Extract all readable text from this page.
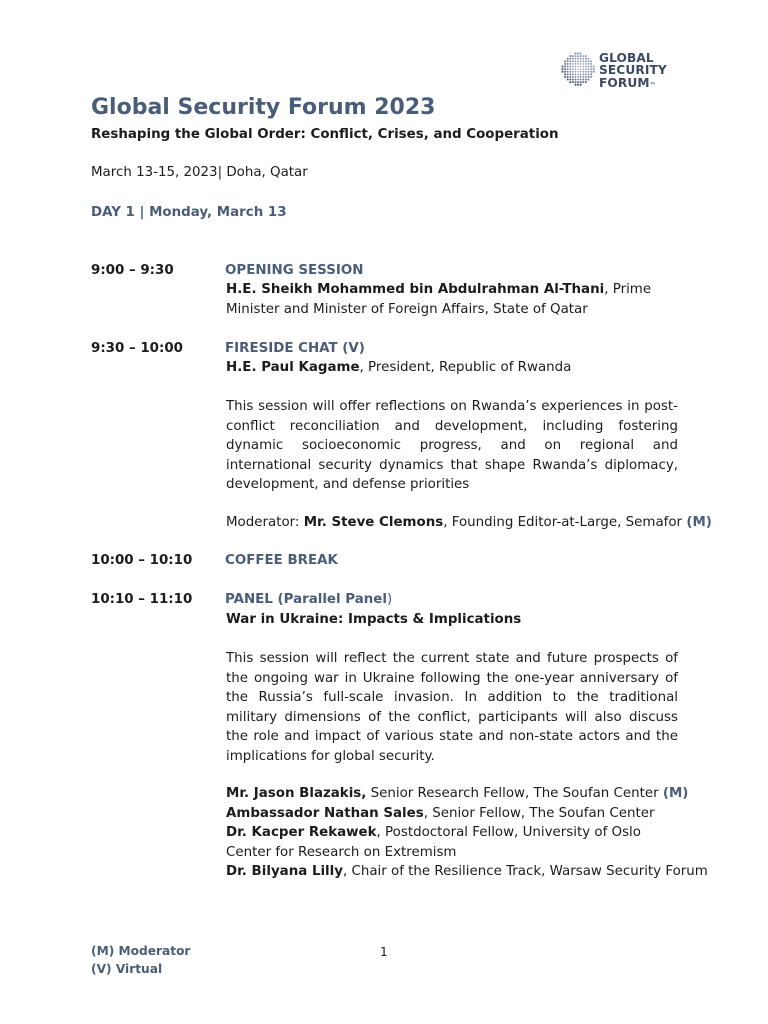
GLOBAL
SECURITY
FORUM™
Global Security Forum 2023
Reshaping the Global Order: Conflict, Crises, and Cooperation
March 13-15, 2023| Doha, Qatar
DAY 1 | Monday, March 13
9:00 – 9:30	OPENING SESSION
H.E. Sheikh Mohammed bin Abdulrahman Al-Thani, Prime Minister and Minister of Foreign Affairs, State of Qatar
9:30 – 10:00	FIRESIDE CHAT (V)
H.E. Paul Kagame, President, Republic of Rwanda
This session will offer reflections on Rwanda’s experiences in post-conflict reconciliation and development, including fostering dynamic socioeconomic progress, and on regional and international security dynamics that shape Rwanda’s diplomacy, development, and defense priorities
Moderator: Mr. Steve Clemons, Founding Editor-at-Large, Semafor (M)
10:00 – 10:10 COFFEE BREAK
10:10 – 11:10 PANEL (Parallel Panel)
War in Ukraine: Impacts & Implications
This session will reflect the current state and future prospects of the ongoing war in Ukraine following the one-year anniversary of the Russia’s full-scale invasion. In addition to the traditional military dimensions of the conflict, participants will also discuss the role and impact of various state and non-state actors and the implications for global security.
Mr. Jason Blazakis, Senior Research Fellow, The Soufan Center (M)
Ambassador Nathan Sales, Senior Fellow, The Soufan Center
Dr. Kacper Rekawek, Postdoctoral Fellow, University of Oslo Center for Research on Extremism
Dr. Bilyana Lilly, Chair of the Resilience Track, Warsaw Security Forum
(M) Moderator
(V) Virtual
1
